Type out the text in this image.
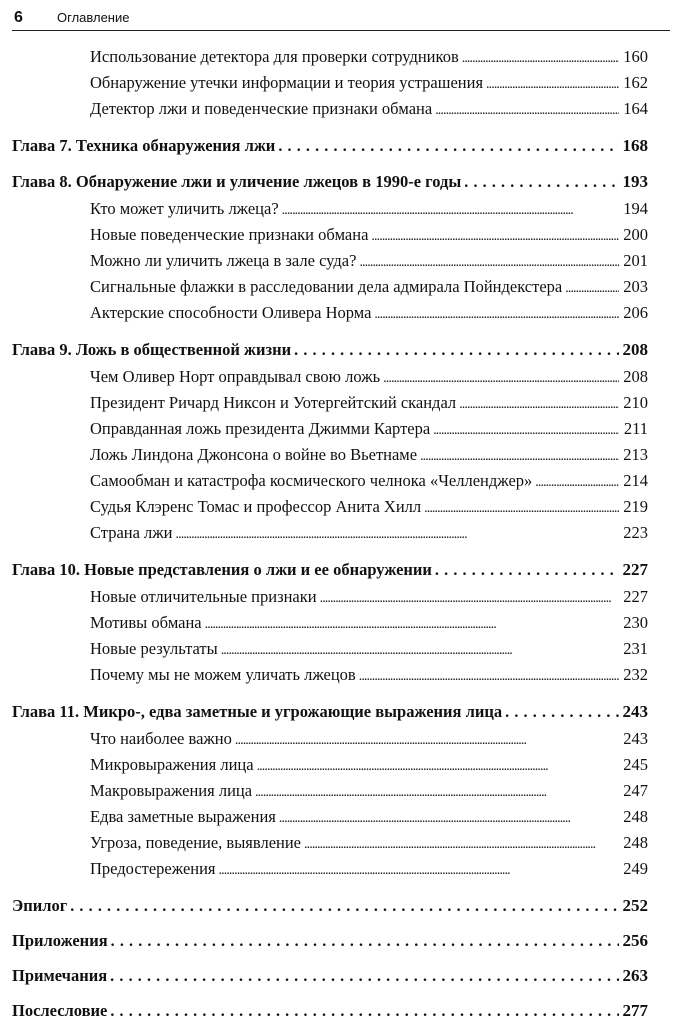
6	Оглавление
Использование детектора для проверки сотрудников . . .	160
Обнаружение утечки информации и теория устрашения . . .	162
Детектор лжи и поведенческие признаки обмана . . .	164
Глава 7. Техника обнаружения лжи . . .	168
Глава 8. Обнаружение лжи и уличение лжецов в 1990-е годы . . .	193
Кто может уличить лжеца? . . .	194
Новые поведенческие признаки обмана . . .	200
Можно ли уличить лжеца в зале суда? . . .	201
Сигнальные флажки в расследовании дела адмирала Пойндекстера . . .	203
Актерские способности Оливера Норма . . .	206
Глава 9. Ложь в общественной жизни . . .	208
Чем Оливер Норт оправдывал свою ложь . . .	208
Президент Ричард Никсон и Уотергейтский скандал . . .	210
Оправданная ложь президента Джимми Картера . . .	211
Ложь Линдона Джонсона о войне во Вьетнаме . . .	213
Самообман и катастрофа космического челнока «Челленджер» . . .	214
Судья Клэренс Томас и профессор Анита Хилл . . .	219
Страна лжи . . .	223
Глава 10. Новые представления о лжи и ее обнаружении . . .	227
Новые отличительные признаки . . .	227
Мотивы обмана . . .	230
Новые результаты . . .	231
Почему мы не можем уличать лжецов . . .	232
Глава 11. Микро-, едва заметные и угрожающие выражения лица . . .	243
Что наиболее важно . . .	243
Микровыражения лица . . .	245
Макровыражения лица . . .	247
Едва заметные выражения . . .	248
Угроза, поведение, выявление . . .	248
Предостережения . . .	249
Эпилог . . .	252
Приложения . . .	256
Примечания . . .	263
Послесловие . . .	277
